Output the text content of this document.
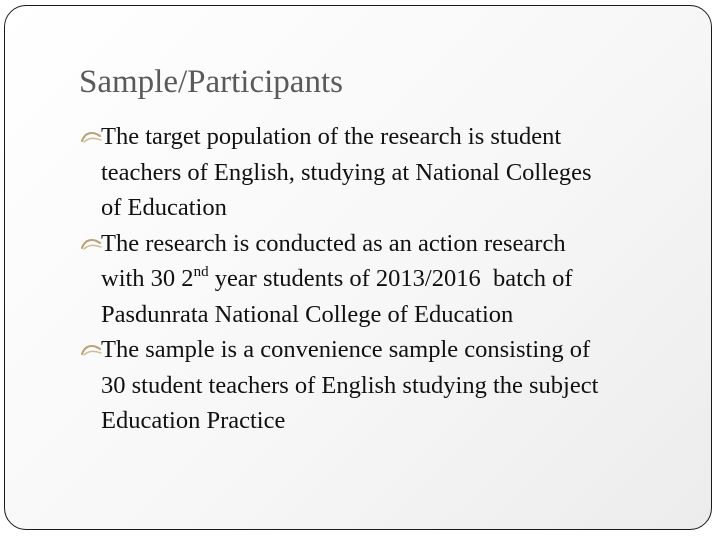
Sample/Participants
The target population of the research is student
teachers of English, studying at National Colleges
of Education
The research is conducted as an action research
with 30 2nd year students of 2013/2016  batch of
Pasdunrata National College of Education
The sample is a convenience sample consisting of
30 student teachers of English studying the subject
Education Practice
